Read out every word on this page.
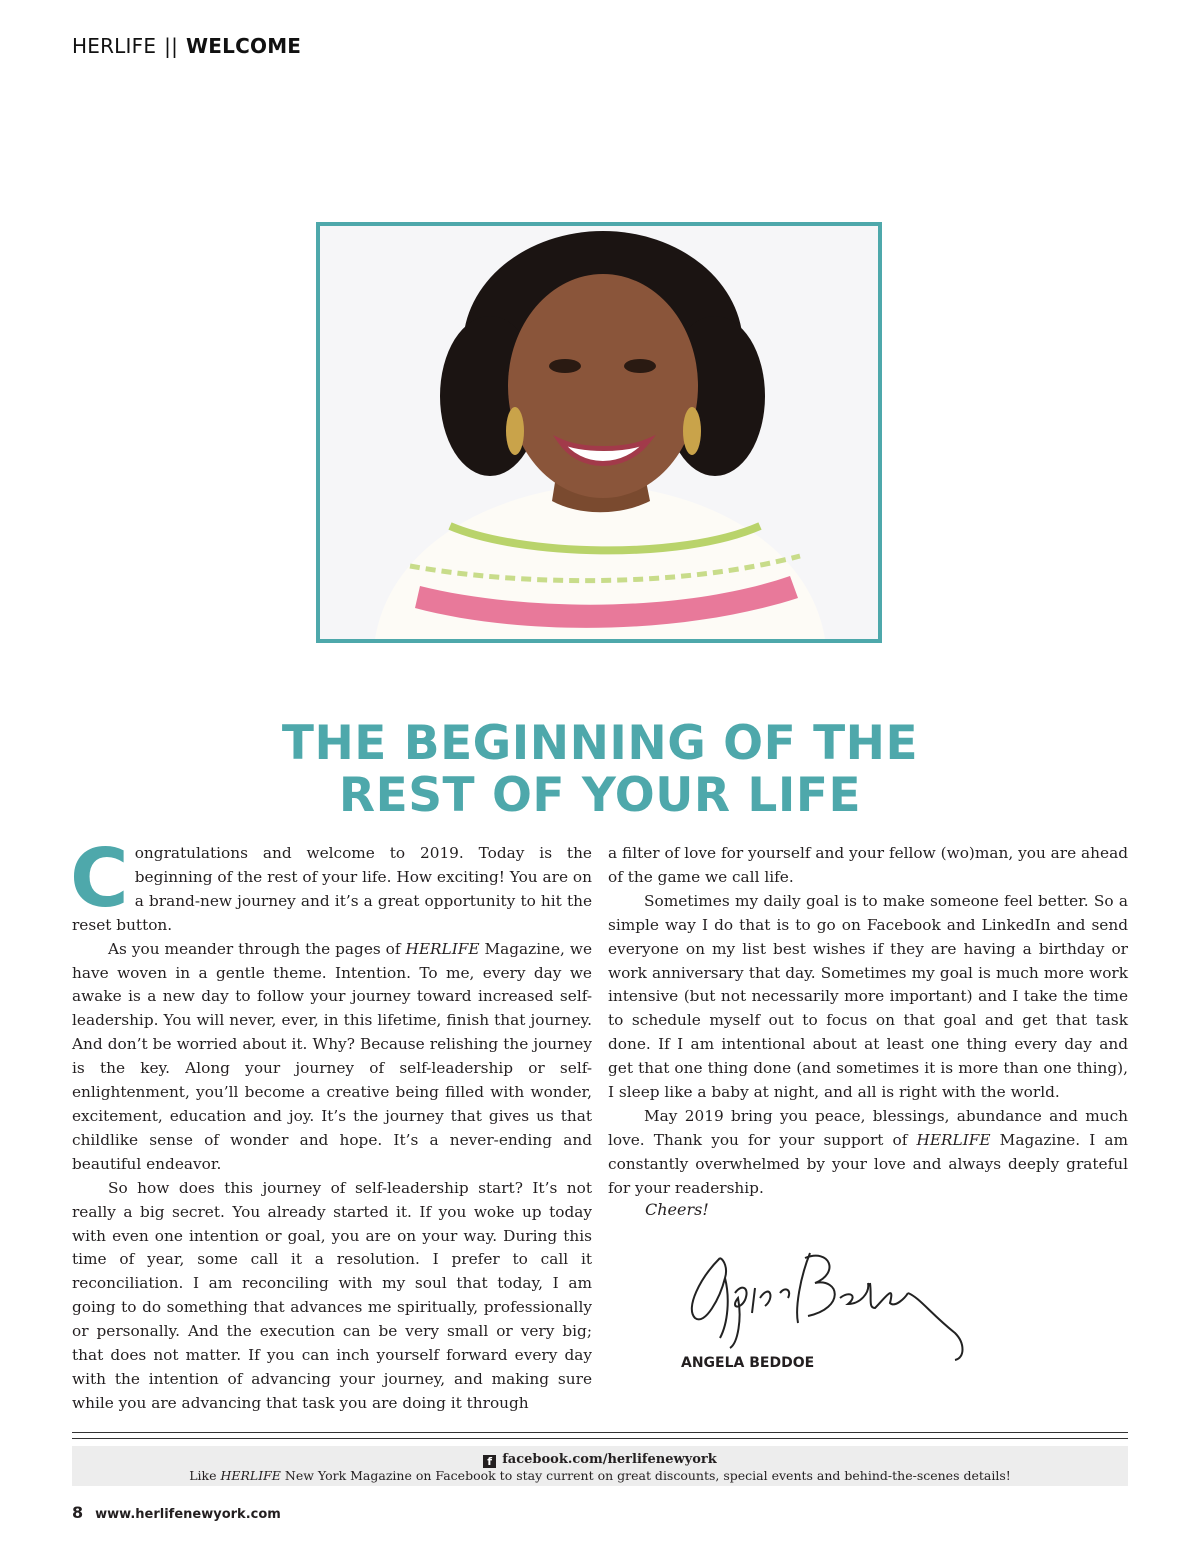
HERLIFE || WELCOME
THE BEGINNING OF THE
REST OF YOUR LIFE

Congratulations and welcome to 2019. Today is the beginning of the rest of your life. How exciting! You are on a brand-new journey and it’s a great opportunity to hit the reset button.

As you meander through the pages of HERLIFE Magazine, we have woven in a gentle theme. Intention. To me, every day we awake is a new day to follow your journey toward increased self-leadership. You will never, ever, in this lifetime, finish that journey. And don’t be worried about it. Why? Because relishing the journey is the key. Along your journey of self-leadership or self-enlightenment, you’ll become a creative being filled with wonder, excitement, education and joy. It’s the journey that gives us that childlike sense of wonder and hope. It’s a never-ending and beautiful endeavor.

So how does this journey of self-leadership start? It’s not really a big secret. You already started it. If you woke up today with even one intention or goal, you are on your way. During this time of year, some call it a resolution. I prefer to call it reconciliation. I am reconciling with my soul that today, I am going to do something that advances me spiritually, professionally or personally. And the execution can be very small or very big; that does not matter. If you can inch yourself forward every day with the intention of advancing your journey, and making sure while you are advancing that task you are doing it through

a filter of love for yourself and your fellow (wo)man, you are ahead of the game we call life.

Sometimes my daily goal is to make someone feel better. So a simple way I do that is to go on Facebook and LinkedIn and send everyone on my list best wishes if they are having a birthday or work anniversary that day. Sometimes my goal is much more work intensive (but not necessarily more important) and I take the time to schedule myself out to focus on that goal and get that task done. If I am intentional about at least one thing every day and get that one thing done (and sometimes it is more than one thing), I sleep like a baby at night, and all is right with the world.

May 2019 bring you peace, blessings, abundance and much love. Thank you for your support of HERLIFE Magazine. I am constantly overwhelmed by your love and always deeply grateful for your readership.

Cheers!
ANGELA BEDDOE
f facebook.com/herlifenewyork
Like HERLIFE New York Magazine on Facebook to stay current on great discounts, special events and behind-the-scenes details!
8 www.herlifenewyork.com
